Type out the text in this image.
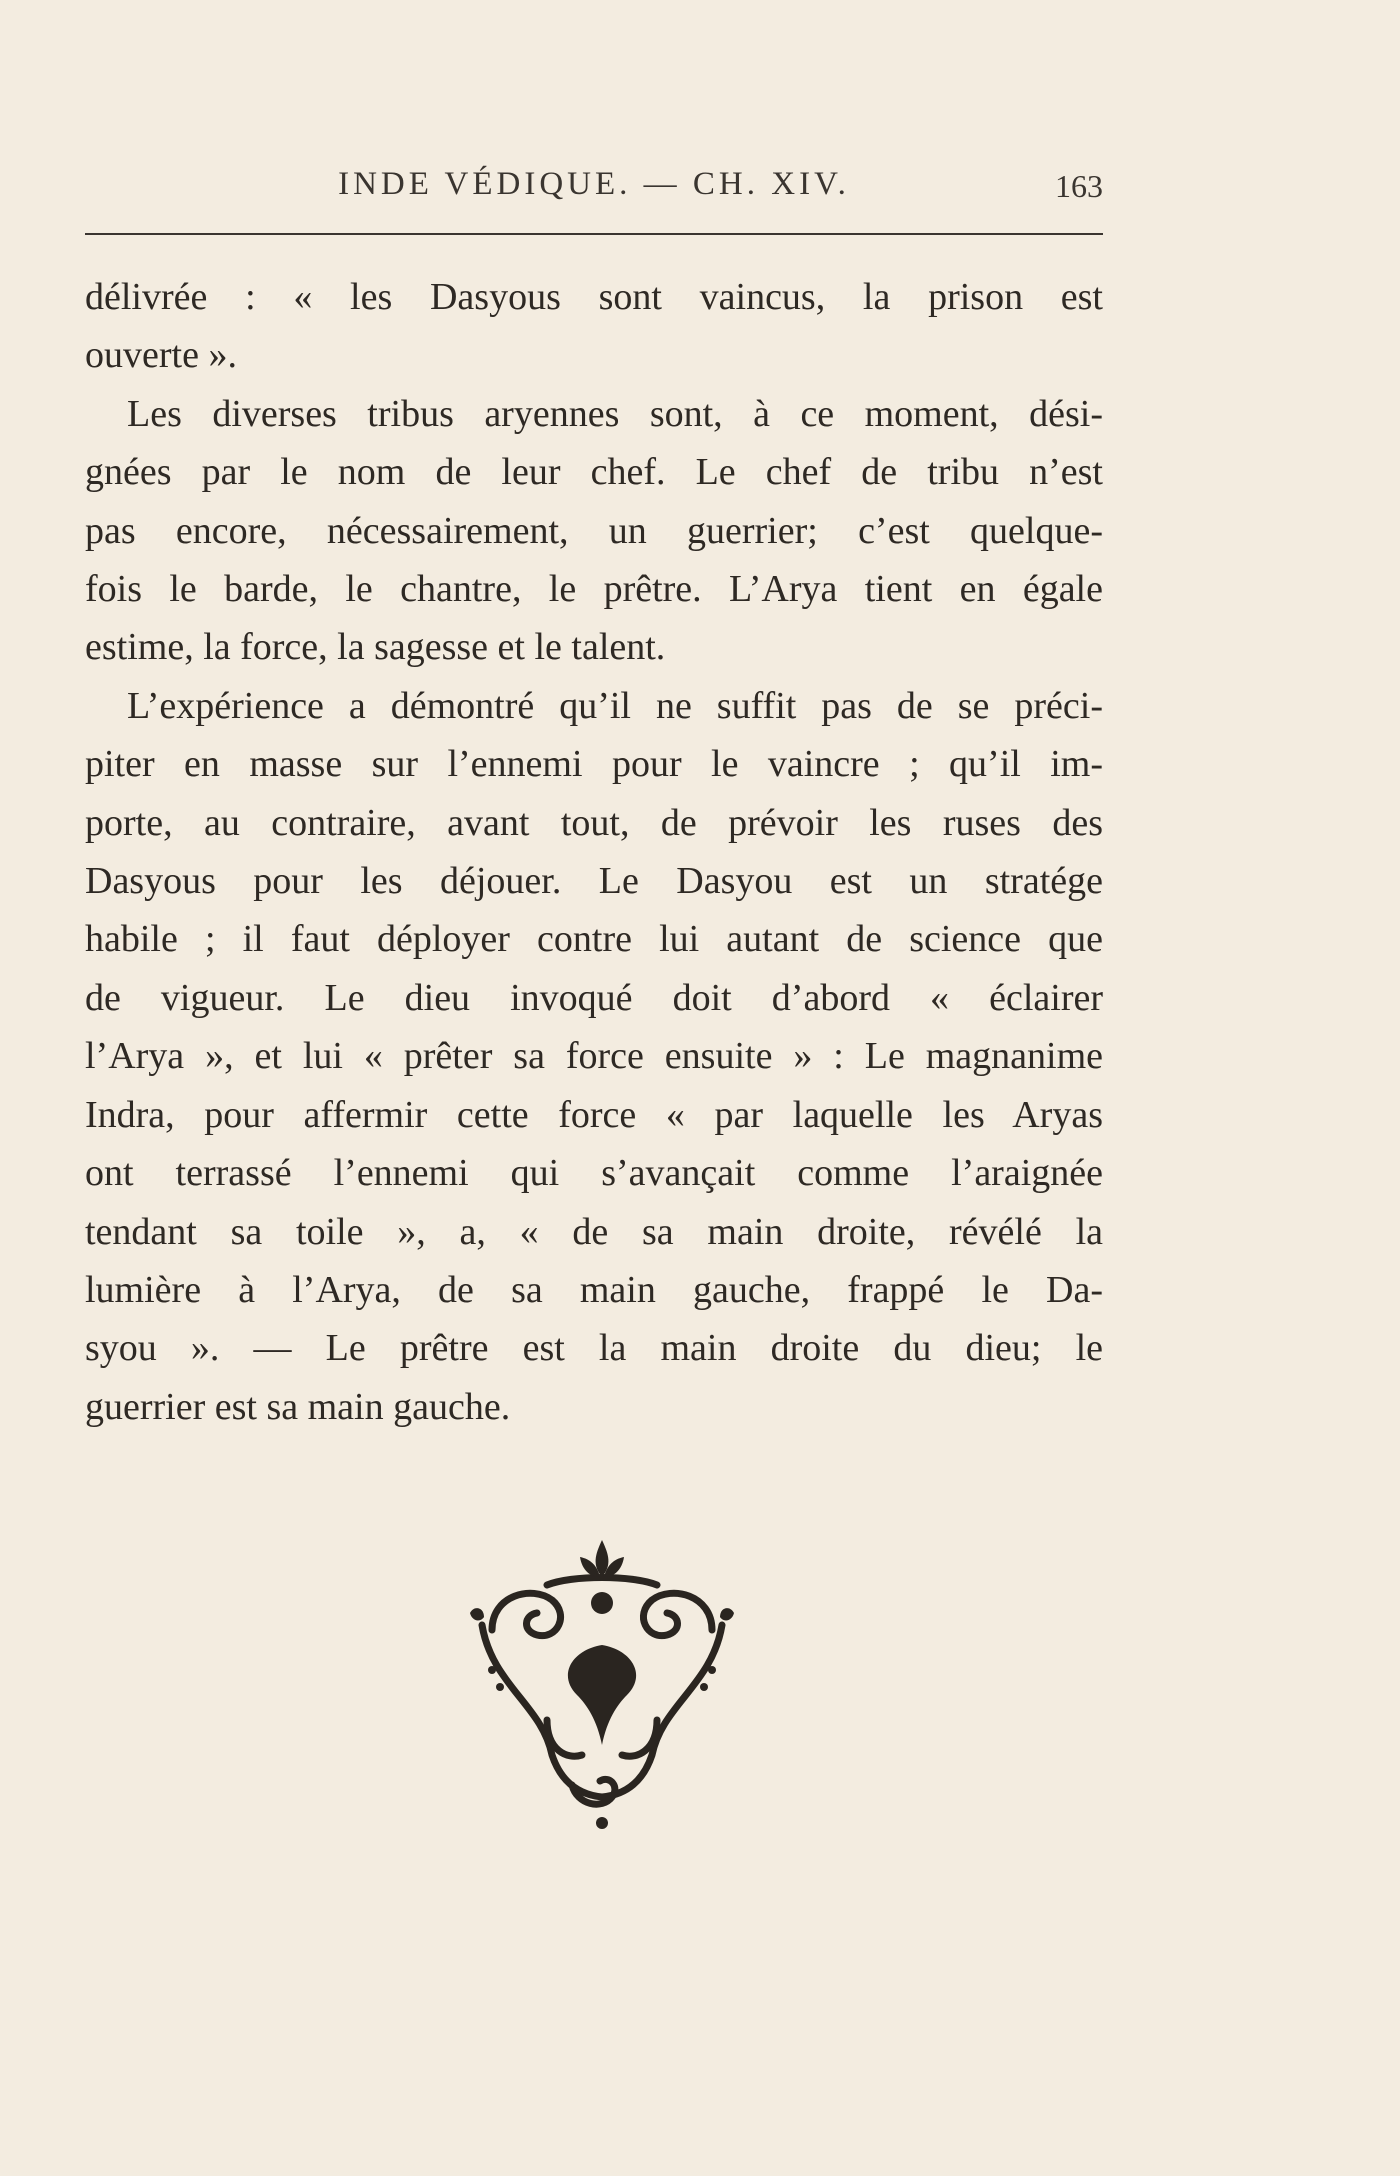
INDE VÉDIQUE. — CH. XIV.	163

délivrée : « les Dasyous sont vaincus, la prison est
ouverte ».

Les diverses tribus aryennes sont, à ce moment, dési-
gnées par le nom de leur chef. Le chef de tribu n’est
pas encore, nécessairement, un guerrier; c’est quelque-
fois le barde, le chantre, le prêtre. L’Arya tient en égale
estime, la force, la sagesse et le talent.

L’expérience a démontré qu’il ne suffit pas de se préci-
piter en masse sur l’ennemi pour le vaincre ; qu’il im-
porte, au contraire, avant tout, de prévoir les ruses des
Dasyous pour les déjouer. Le Dasyou est un stratége
habile ; il faut déployer contre lui autant de science que
de vigueur. Le dieu invoqué doit d’abord « éclairer
l’Arya », et lui « prêter sa force ensuite » : Le magnanime
Indra, pour affermir cette force « par laquelle les Aryas
ont terrassé l’ennemi qui s’avançait comme l’araignée
tendant sa toile », a, « de sa main droite, révélé la
lumière à l’Arya, de sa main gauche, frappé le Da-
syou ». — Le prêtre est la main droite du dieu; le
guerrier est sa main gauche.
